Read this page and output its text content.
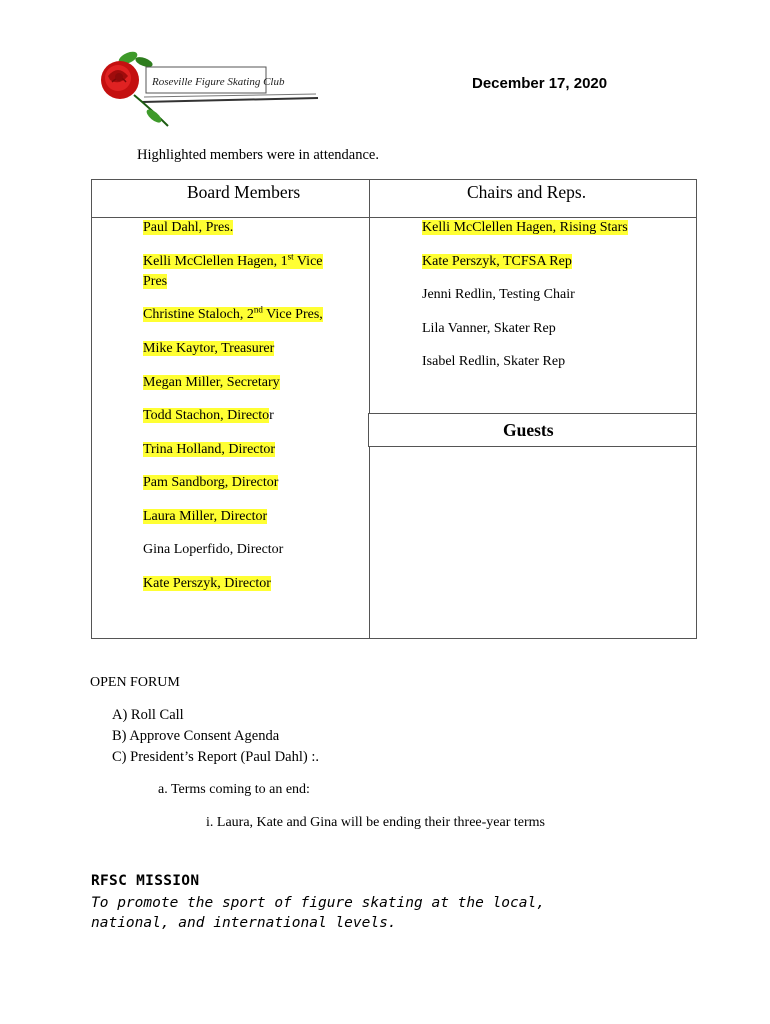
Roseville Figure Skating Club	December 17, 2020
Highlighted members were in attendance.
Board Members	Chairs and Reps.
Paul Dahl, Pres.
Kelli McClellen Hagen, 1st Vice
Pres
Christine Staloch, 2nd Vice Pres,
Mike Kaytor, Treasurer
Megan Miller, Secretary
Todd Stachon, Director
Trina Holland, Director
Pam Sandborg, Director
Laura Miller, Director
Gina Loperfido, Director
Kate Perszyk, Director
Kelli McClellen Hagen, Rising Stars
Kate Perszyk, TCFSA Rep
Jenni Redlin, Testing Chair
Lila Vanner, Skater Rep
Isabel Redlin, Skater Rep
Guests
OPEN FORUM
A) Roll Call
B) Approve Consent Agenda
C) President’s Report (Paul Dahl) :.
a. Terms coming to an end:
i. Laura, Kate and Gina will be ending their three-year terms
RFSC MISSION
To promote the sport of figure skating at the local, national, and international levels.
